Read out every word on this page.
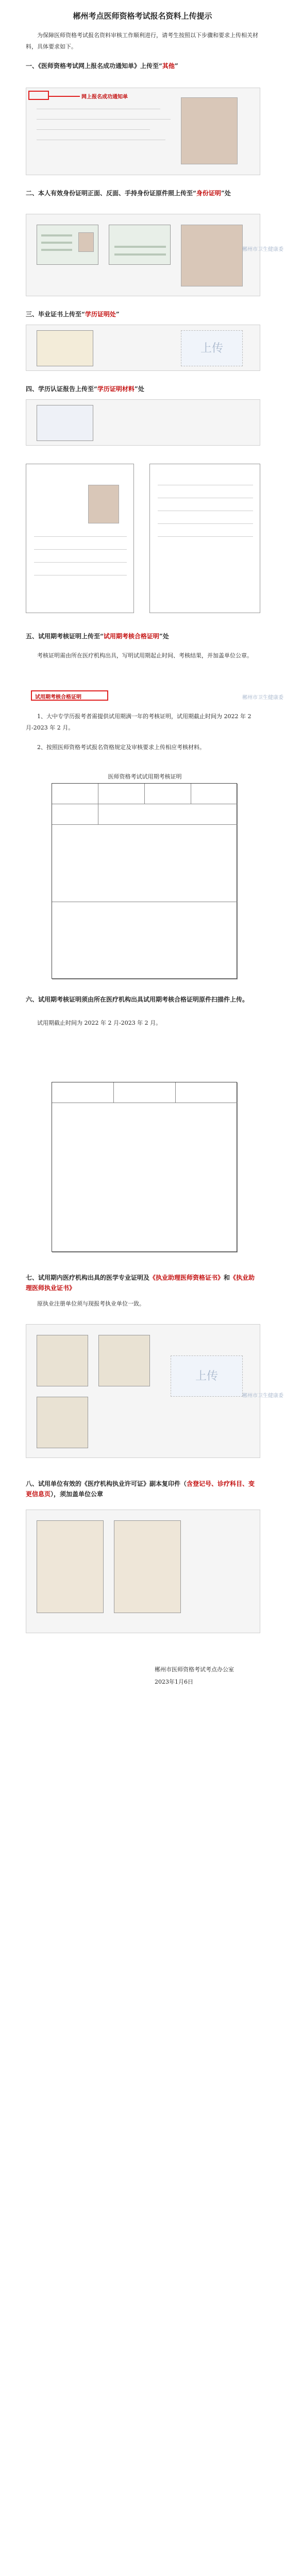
郴州考点医师资格考试报名资料上传提示
为保障医师资格考试报名资料审核工作顺利进行，请考生按照以下步骤和要求上传相关材料，具体要求如下。
一、《医师资格考试网上报名成功通知单》上传至“其他”
网上报名成功通知单
二、本人有效身份证明正面、反面、手持身份证原件照上传至“身份证明”处
郴州市卫生健康委
三、毕业证书上传至“学历证明处”
上传
四、学历认证报告上传至“学历证明材料”处
五、试用期考核证明上传至“试用期考核合格证明”处
考核证明需由所在医疗机构出具，写明试用期起止时间、考核结果，并加盖单位公章。
试用期考核合格证明	郴州市卫生健康委
1、大中专学历报考者需提供试用期满一年的考核证明，试用期截止时间为 2022 年 2 月-2023 年 2 月。
2、按照医师资格考试报名资格规定及审核要求上传相应考核材料。
医师资格考试试用期考核证明
六、试用期考核证明须由所在医疗机构出具试用期考核合格证明原件扫描件上传。
试用期截止时间为 2022 年 2 月-2023 年 2 月。
七、试用期内医疗机构出具的医学专业证明及《执业助理医师资格证书》和《执业助理医师执业证书》
原执业注册单位须与现报考执业单位一致。
上传
郴州市卫生健康委
八、试用单位有效的《医疗机构执业许可证》副本复印件（含登记号、诊疗科目、变更信息页），须加盖单位公章
郴州市医师资格考试考点办公室
2023年1月6日
